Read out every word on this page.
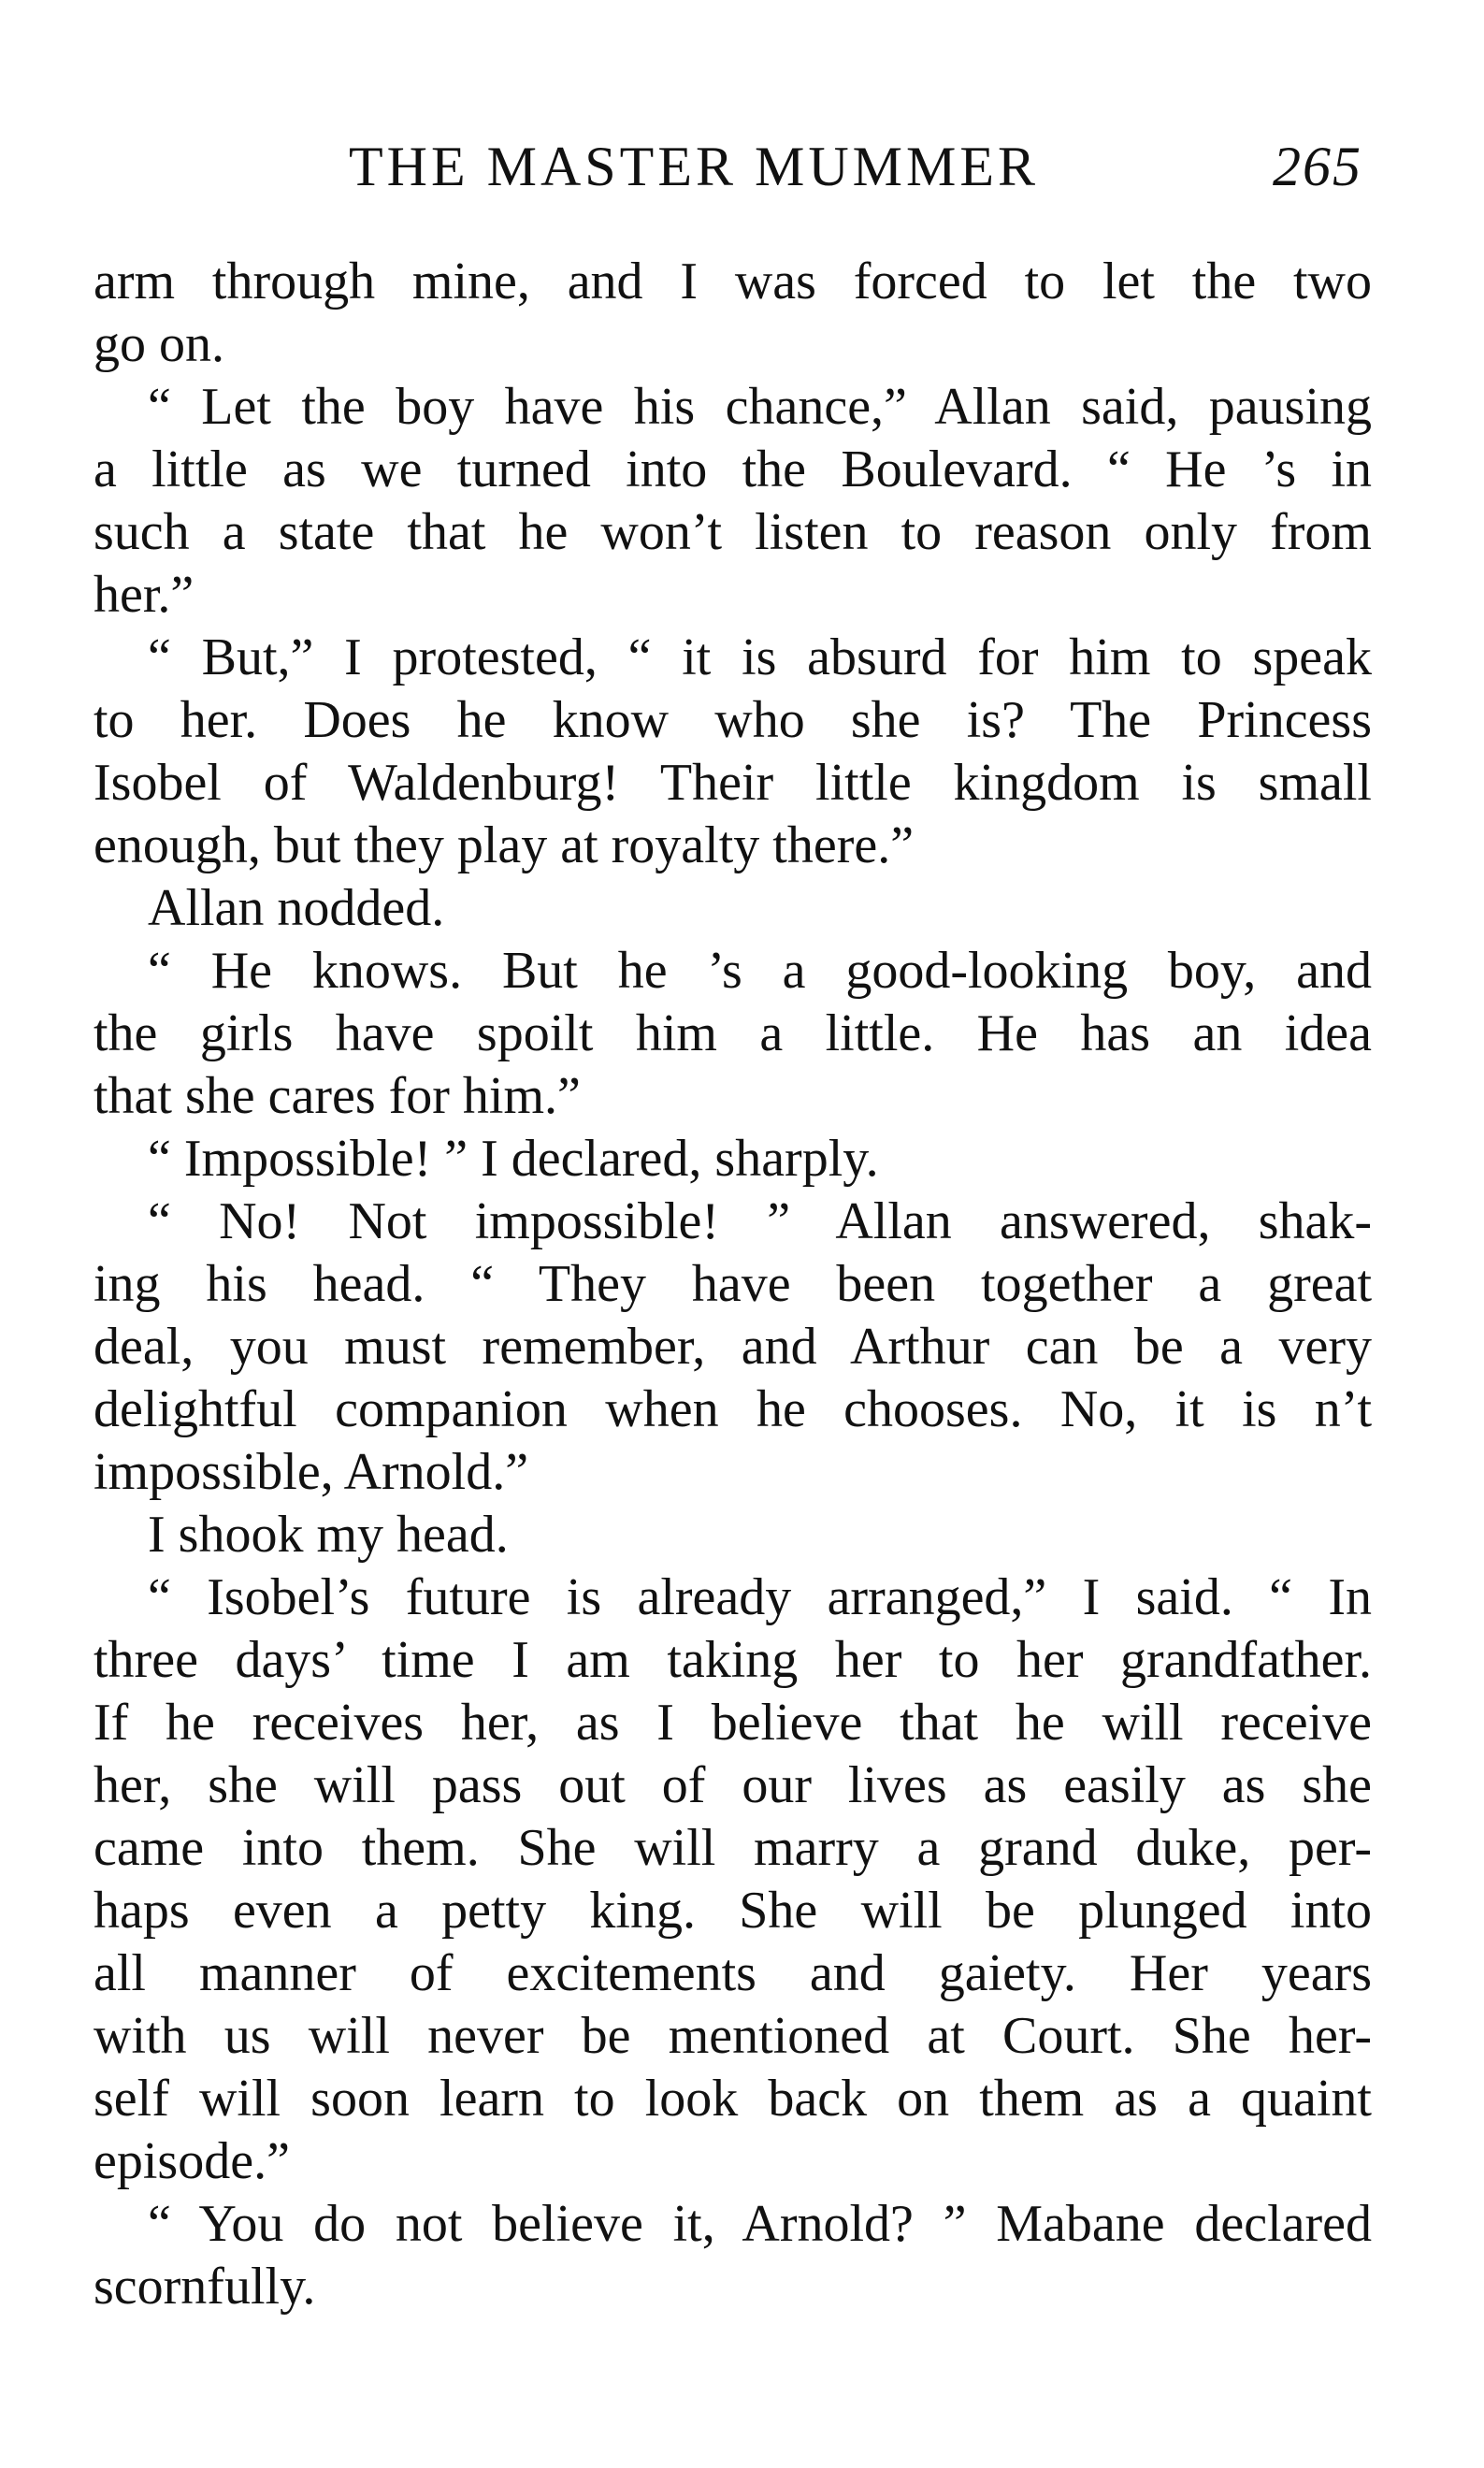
THE MASTER MUMMER	265
arm through mine, and I was forced to let the two
go on.
“ Let the boy have his chance,” Allan said, pausing
a little as we turned into the Boulevard. “ He ’s in
such a state that he won’t listen to reason only from
her.”
“ But,” I protested, “ it is absurd for him to speak
to her. Does he know who she is? The Princess
Isobel of Waldenburg! Their little kingdom is small
enough, but they play at royalty there.”
Allan nodded.
“ He knows. But he ’s a good-looking boy, and
the girls have spoilt him a little. He has an idea
that she cares for him.”
“ Impossible! ” I declared, sharply.
“ No! Not impossible! ” Allan answered, shak-
ing his head. “ They have been together a great
deal, you must remember, and Arthur can be a very
delightful companion when he chooses. No, it is n’t
impossible, Arnold.”
I shook my head.
“ Isobel’s future is already arranged,” I said. “ In
three days’ time I am taking her to her grandfather.
If he receives her, as I believe that he will receive
her, she will pass out of our lives as easily as she
came into them. She will marry a grand duke, per-
haps even a petty king. She will be plunged into
all manner of excitements and gaiety. Her years
with us will never be mentioned at Court. She her-
self will soon learn to look back on them as a quaint
episode.”
“ You do not believe it, Arnold? ” Mabane declared
scornfully.
